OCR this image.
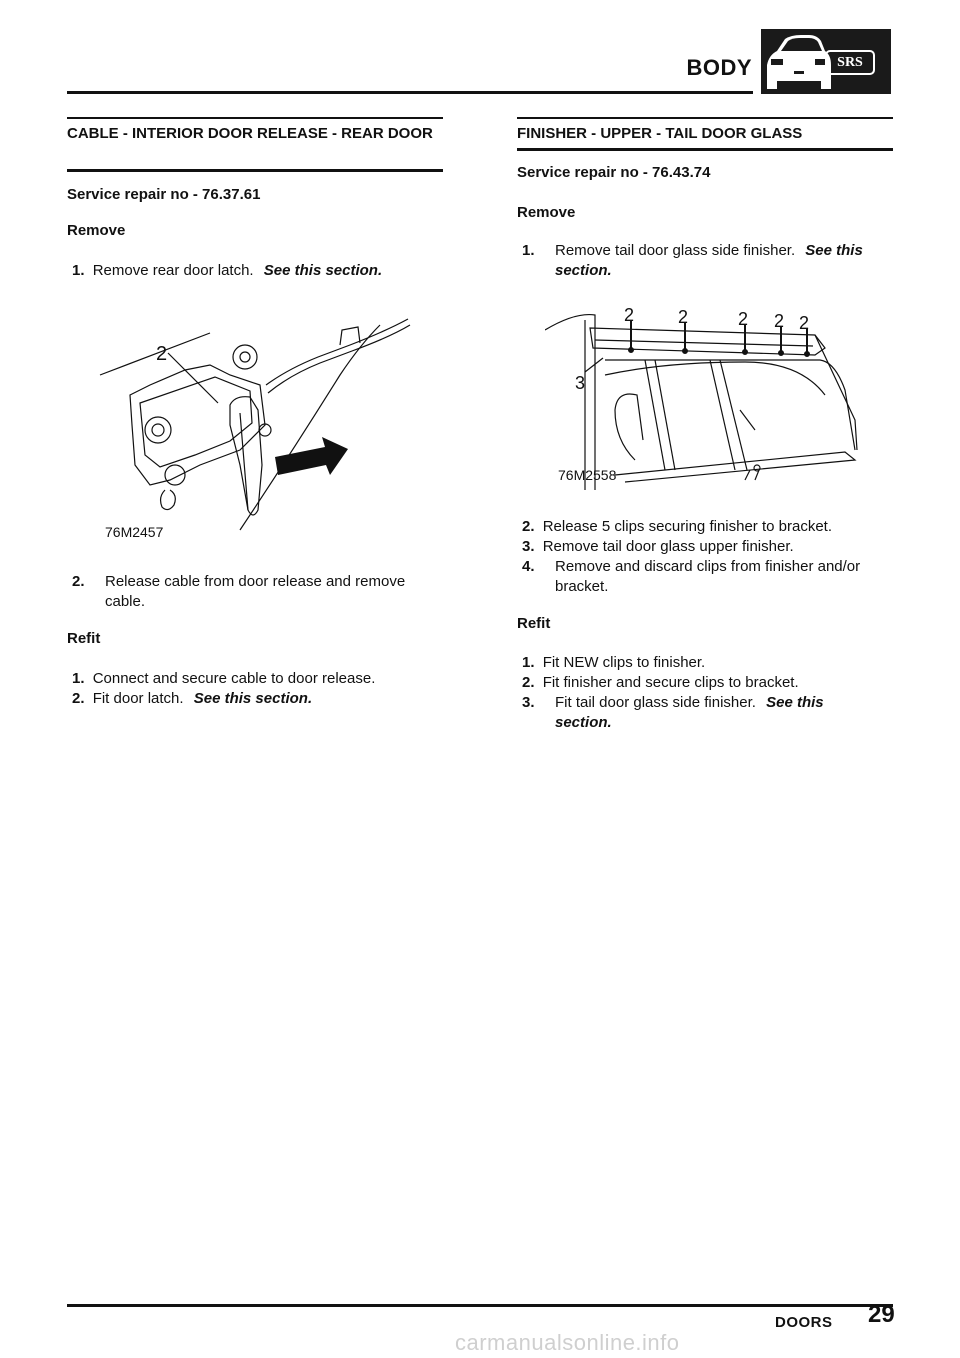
BODY	SRS
CABLE - INTERIOR DOOR RELEASE - REAR DOOR
Service repair no - 76.37.61
Remove
1. Remove rear door latch. See this section.
2
76M2457
2. Release cable from door release and remove cable.
Refit
1. Connect and secure cable to door release.
2. Fit door latch. See this section.
FINISHER - UPPER - TAIL DOOR GLASS
Service repair no - 76.43.74
Remove
1. Remove tail door glass side finisher. See this section.
2 2	2 2 2
3
76M2558
2. Release 5 clips securing finisher to bracket.
3. Remove tail door glass upper finisher.
4. Remove and discard clips from finisher and/or bracket.
Refit
1. Fit NEW clips to finisher.
2. Fit finisher and secure clips to bracket.
3. Fit tail door glass side finisher. See this section.
DOORS 29
carmanualsonline.info
